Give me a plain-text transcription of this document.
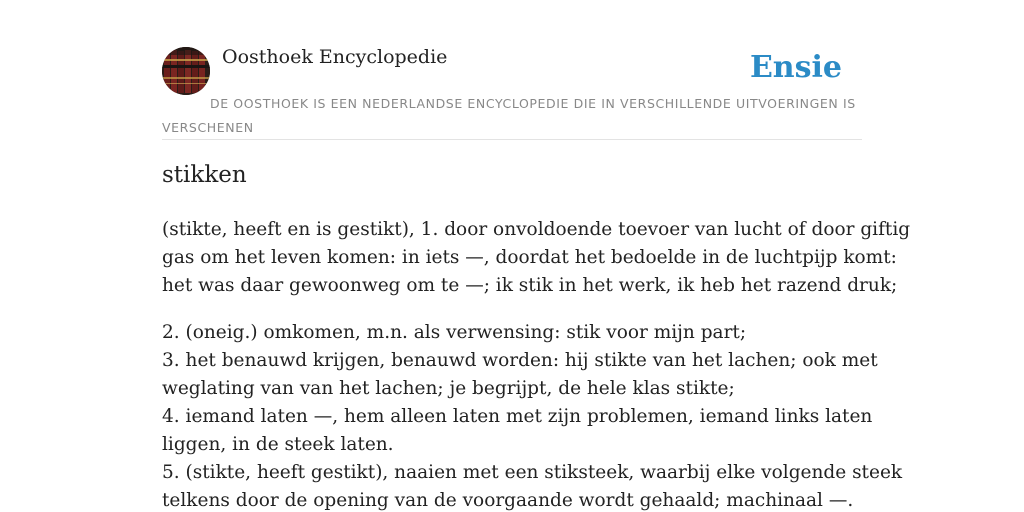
Oosthoek Encyclopedie	Ensie
DE OOSTHOEK IS EEN NEDERLANDSE ENCYCLOPEDIE DIE IN VERSCHILLENDE UITVOERINGEN IS VERSCHENEN
stikken

(stikte, heeft en is gestikt), 1. door onvoldoende toevoer van lucht of door giftig
gas om het leven komen: in iets —, doordat het bedoelde in de luchtpijp komt:
het was daar gewoonweg om te —; ik stik in het werk, ik heb het razend druk;

2. (oneig.) omkomen, m.n. als verwensing: stik voor mijn part;
3. het benauwd krijgen, benauwd worden: hij stikte van het lachen; ook met
weglating van van het lachen; je begrijpt, de hele klas stikte;
4. iemand laten —, hem alleen laten met zijn problemen, iemand links laten
liggen, in de steek laten.
5. (stikte, heeft gestikt), naaien met een stiksteek, waarbij elke volgende steek
telkens door de opening van de voorgaande wordt gehaald; machinaal —.
